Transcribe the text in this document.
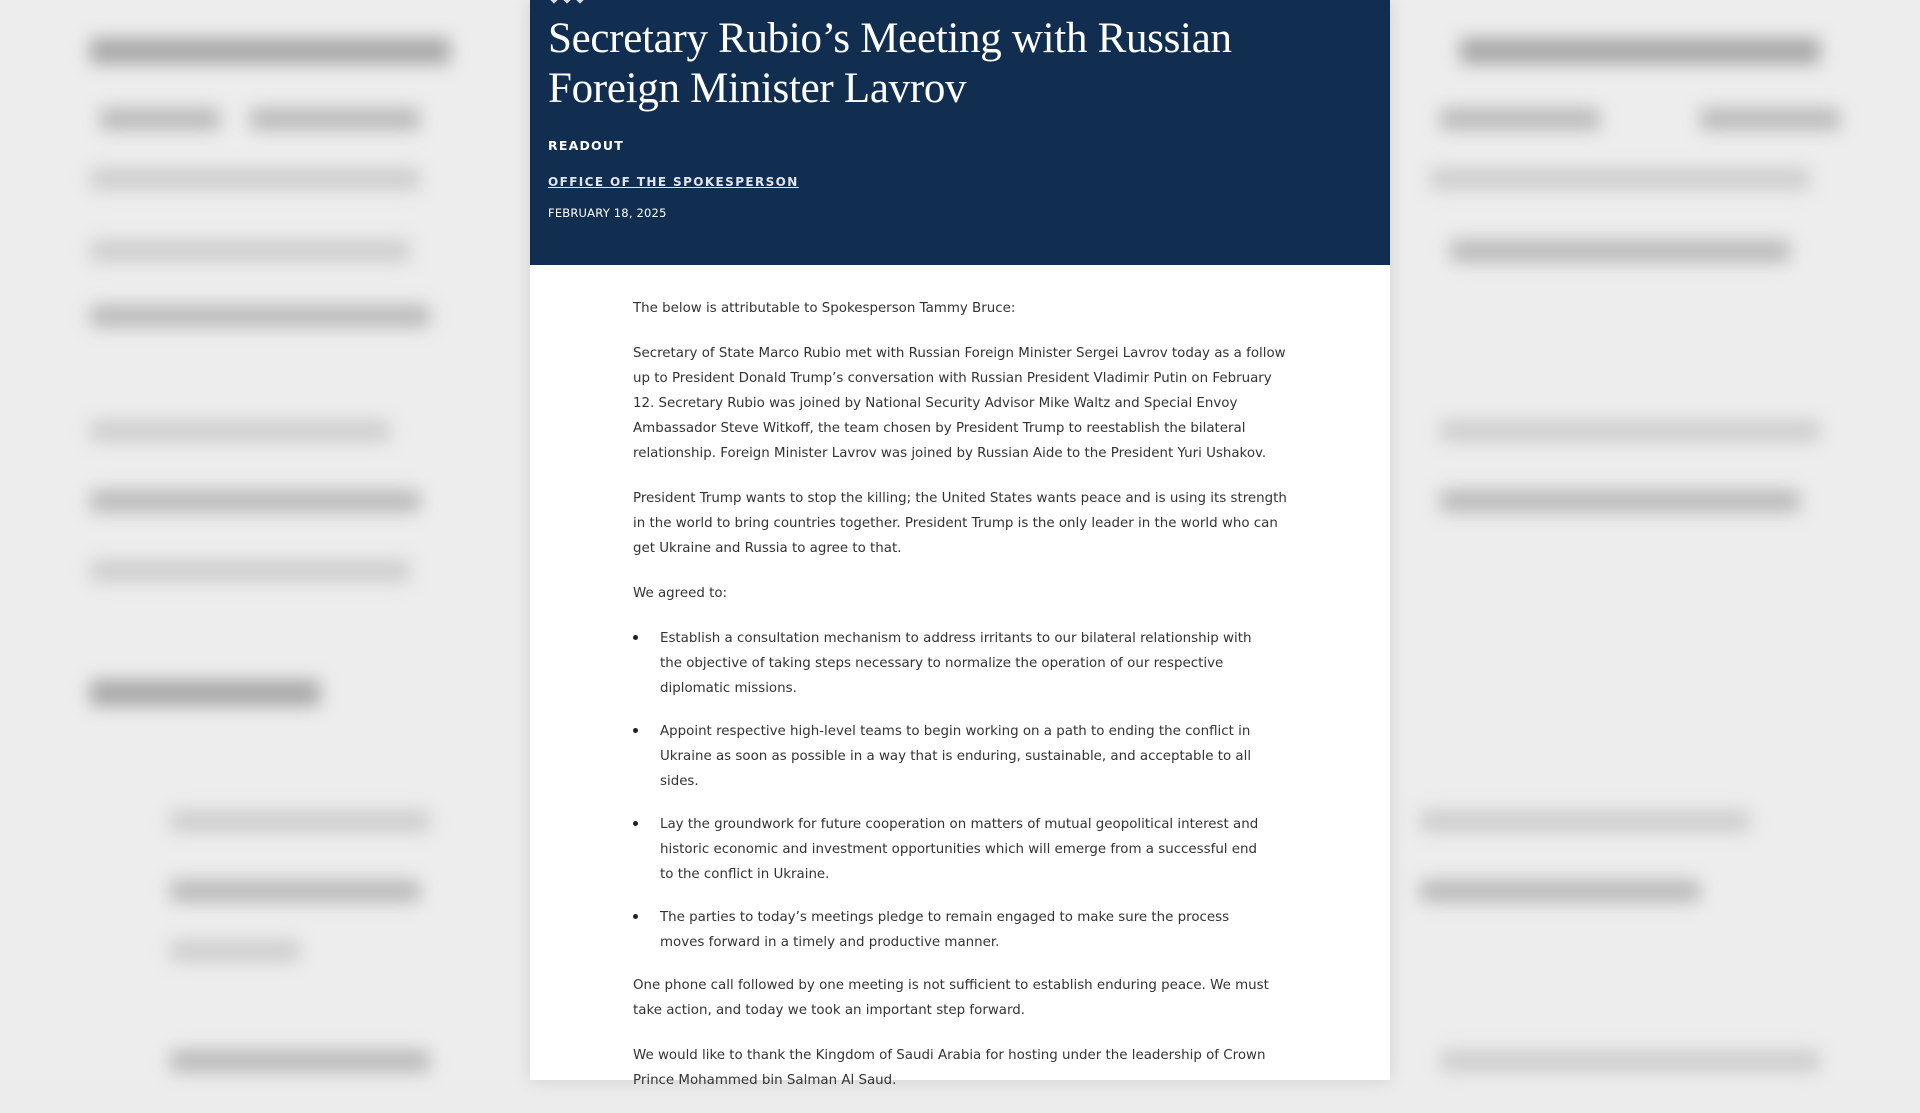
Secretary Rubio’s Meeting with Russian Foreign Minister Lavrov
READOUT
OFFICE OF THE SPOKESPERSON
FEBRUARY 18, 2025

The below is attributable to Spokesperson Tammy Bruce:

Secretary of State Marco Rubio met with Russian Foreign Minister Sergei Lavrov today as a follow up to President Donald Trump’s conversation with Russian President Vladimir Putin on February 12. Secretary Rubio was joined by National Security Advisor Mike Waltz and Special Envoy Ambassador Steve Witkoff, the team chosen by President Trump to reestablish the bilateral relationship. Foreign Minister Lavrov was joined by Russian Aide to the President Yuri Ushakov.

President Trump wants to stop the killing; the United States wants peace and is using its strength in the world to bring countries together. President Trump is the only leader in the world who can get Ukraine and Russia to agree to that.

We agreed to:

Establish a consultation mechanism to address irritants to our bilateral relationship with the objective of taking steps necessary to normalize the operation of our respective diplomatic missions.
Appoint respective high-level teams to begin working on a path to ending the conflict in Ukraine as soon as possible in a way that is enduring, sustainable, and acceptable to all sides.
Lay the groundwork for future cooperation on matters of mutual geopolitical interest and historic economic and investment opportunities which will emerge from a successful end to the conflict in Ukraine.
The parties to today’s meetings pledge to remain engaged to make sure the process moves forward in a timely and productive manner.

One phone call followed by one meeting is not sufficient to establish enduring peace. We must take action, and today we took an important step forward.

We would like to thank the Kingdom of Saudi Arabia for hosting under the leadership of Crown Prince Mohammed bin Salman Al Saud.
